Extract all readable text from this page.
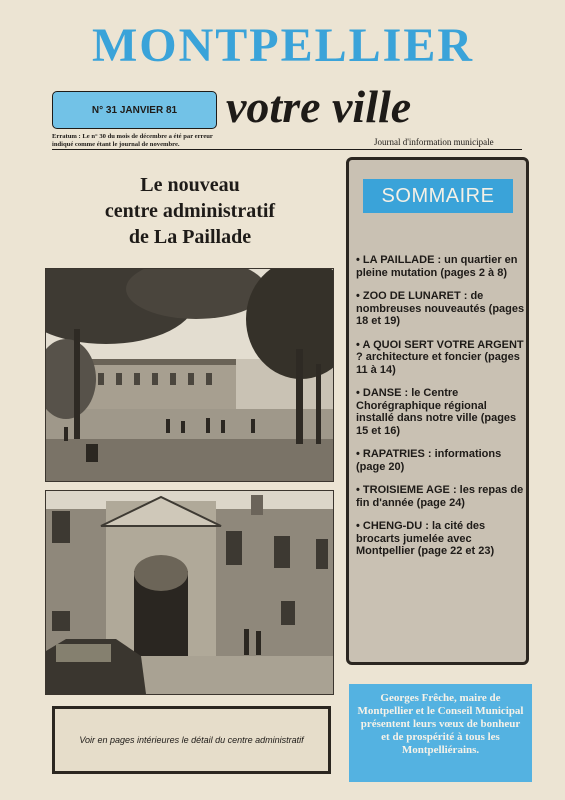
MONTPELLIER
N° 31 JANVIER 81	votre ville
Erratum : Le n° 30 du mois de décembre a été par erreur indiqué comme étant le journal de novembre.	Journal d'information municipale
Le nouveau
centre administratif
de La Paillade
Voir en pages intérieures le détail du centre administratif
SOMMAIRE
• LA PAILLADE : un quartier en pleine mutation (pages 2 à 8)
• ZOO DE LUNARET : de nombreuses nouveautés (pages 18 et 19)
• A QUOI SERT VOTRE ARGENT ? architecture et foncier (pages 11 à 14)
• DANSE : le Centre Chorégraphique régional installé dans notre ville (pages 15 et 16)
• RAPATRIES : informations (page 20)
• TROISIEME AGE : les repas de fin d'année (page 24)
• CHENG-DU : la cité des brocarts jumelée avec Montpellier (page 22 et 23)
Georges Frêche, maire de Montpellier et le Conseil Municipal présentent leurs vœux de bonheur et de prospérité à tous les Montpelliérains.
